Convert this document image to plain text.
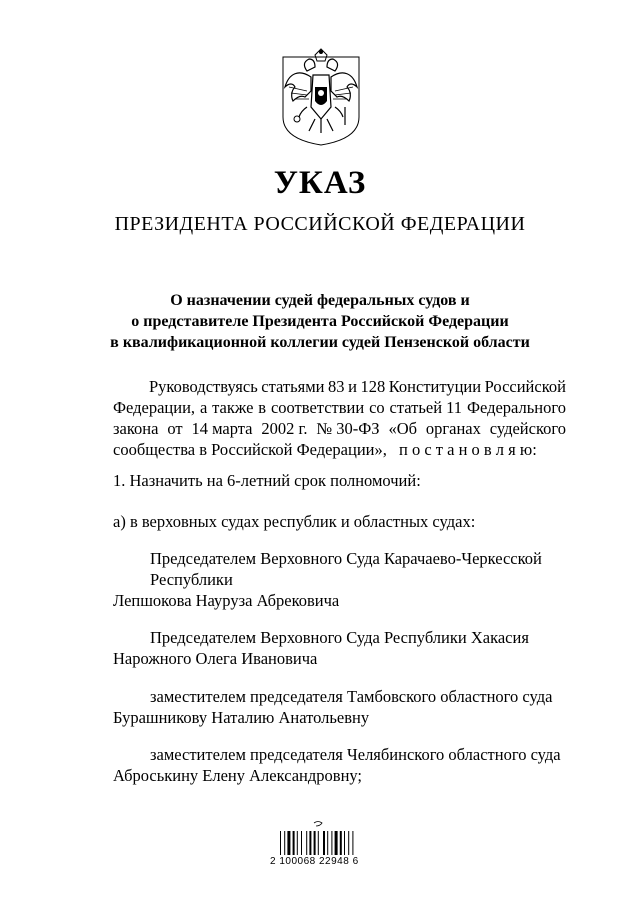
УКАЗ
ПРЕЗИДЕНТА РОССИЙСКОЙ ФЕДЕРАЦИИ
О назначении судей федеральных судов и
о представителе Президента Российской Федерации
в квалификационной коллегии судей Пензенской области
Руководствуясь статьями 83 и 128 Конституции Российской
Федерации, а также в соответствии со статьей 11 Федерального
закона от 14 марта 2002 г. № 30-ФЗ «Об органах судейского
сообщества в Российской Федерации», п о с т а н о в л я ю:
1. Назначить на 6-летний срок полномочий:
а) в верховных судах республик и областных судах:
Председателем Верховного Суда Карачаево-Черкесской
Республики
Лепшокова Науруза Абрековича
Председателем Верховного Суда Республики Хакасия
Нарожного Олега Ивановича
заместителем председателя Тамбовского областного суда
Бурашникову Наталию Анатольевну
заместителем председателя Челябинского областного суда
Аброськину Елену Александровну;
2 100068 22948 6
